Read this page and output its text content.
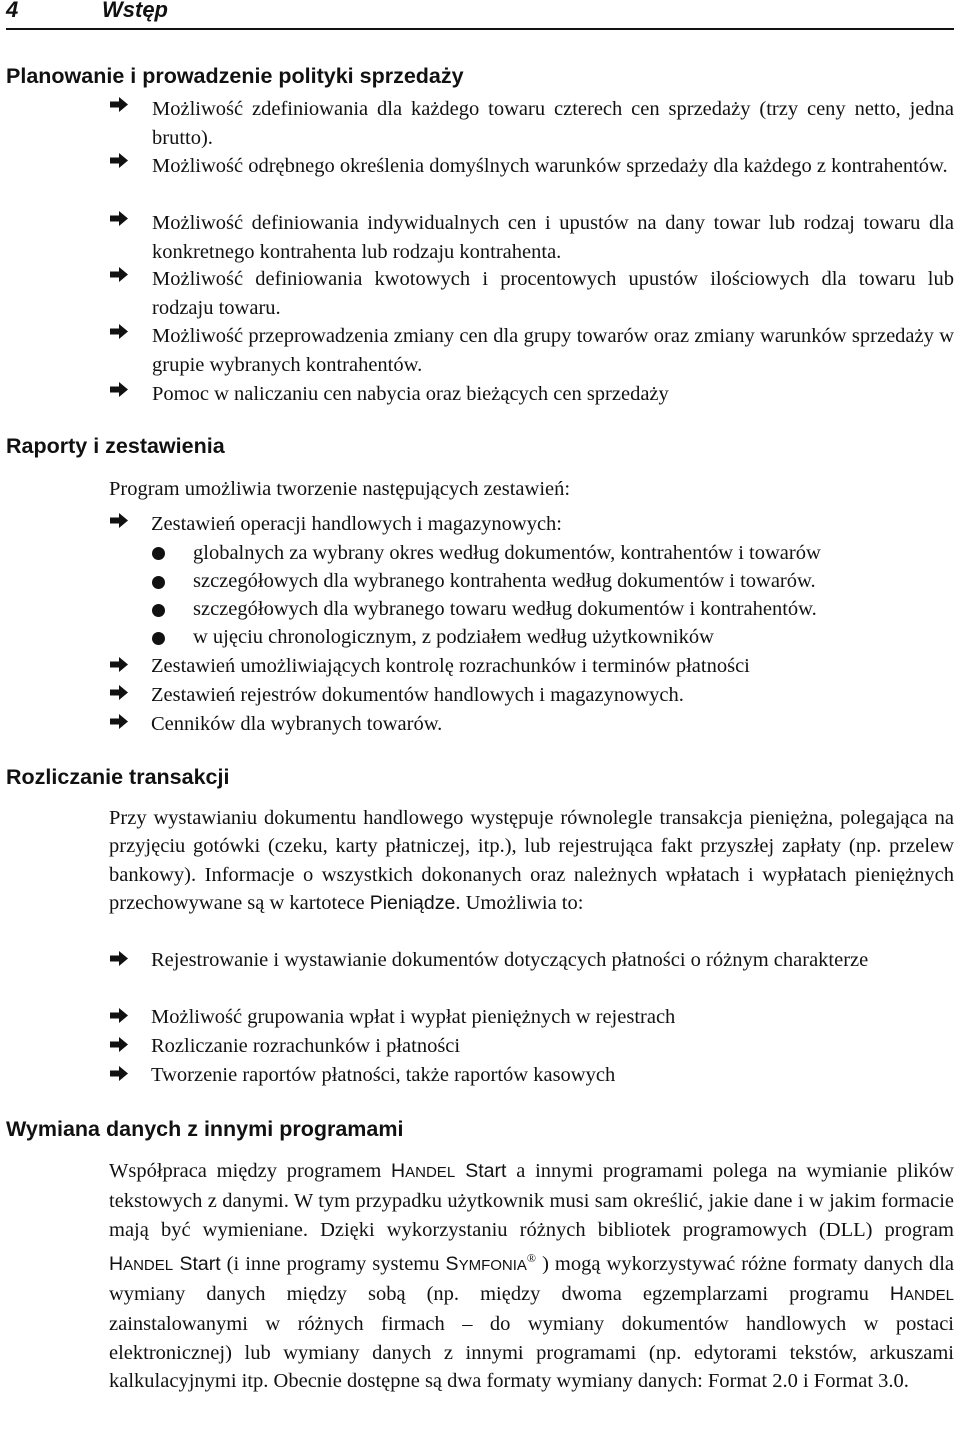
4	Wstęp
Planowanie i prowadzenie polityki sprzedaży
Możliwość zdefiniowania dla każdego towaru czterech cen sprzedaży (trzy ceny netto, jedna brutto).
Możliwość odrębnego określenia domyślnych warunków sprzedaży dla każdego z kontrahentów.
Możliwość definiowania indywidualnych cen i upustów na dany towar lub rodzaj towaru dla konkretnego kontrahenta lub rodzaju kontrahenta.
Możliwość definiowania kwotowych i procentowych upustów ilościowych dla towaru lub rodzaju towaru.
Możliwość przeprowadzenia zmiany cen dla grupy towarów oraz zmiany warunków sprzedaży w grupie wybranych kontrahentów.
Pomoc w naliczaniu cen nabycia oraz bieżących cen sprzedaży
Raporty i zestawienia
Program umożliwia tworzenie następujących zestawień:
Zestawień operacji handlowych i magazynowych:
globalnych za wybrany okres według dokumentów, kontrahentów i towarów
szczegółowych dla wybranego kontrahenta według dokumentów i towarów.
szczegółowych dla wybranego towaru według dokumentów i kontrahentów.
w ujęciu chronologicznym, z podziałem według użytkowników
Zestawień umożliwiających kontrolę rozrachunków i terminów płatności
Zestawień rejestrów dokumentów handlowych i magazynowych.
Cenników dla wybranych towarów.
Rozliczanie transakcji
Przy wystawianiu dokumentu handlowego występuje równolegle transakcja pieniężna, polegająca na przyjęciu gotówki (czeku, karty płatniczej, itp.), lub rejestrująca fakt przyszłej zapłaty (np. przelew bankowy). Informacje o wszystkich dokonanych oraz należnych wpłatach i wypłatach pieniężnych przechowywane są w kartotece Pieniądze. Umożliwia to:
Rejestrowanie i wystawianie dokumentów dotyczących płatności o różnym charakterze
Możliwość grupowania wpłat i wypłat pieniężnych w rejestrach
Rozliczanie rozrachunków i płatności
Tworzenie raportów płatności, także raportów kasowych
Wymiana danych z innymi programami
Współpraca między programem HANDEL Start a innymi programami polega na wymianie plików tekstowych z danymi. W tym przypadku użytkownik musi sam określić, jakie dane i w jakim formacie mają być wymieniane. Dzięki wykorzystaniu różnych bibliotek programowych (DLL) program HANDEL Start (i inne programy systemu SYMFONIA® ) mogą wykorzystywać różne formaty danych dla wymiany danych między sobą (np. między dwoma egzemplarzami programu HANDEL zainstalowanymi w różnych firmach – do wymiany dokumentów handlowych w postaci elektronicznej) lub wymiany danych z innymi programami (np. edytorami tekstów, arkuszami kalkulacyjnymi itp. Obecnie dostępne są dwa formaty wymiany danych: Format 2.0 i Format 3.0.
